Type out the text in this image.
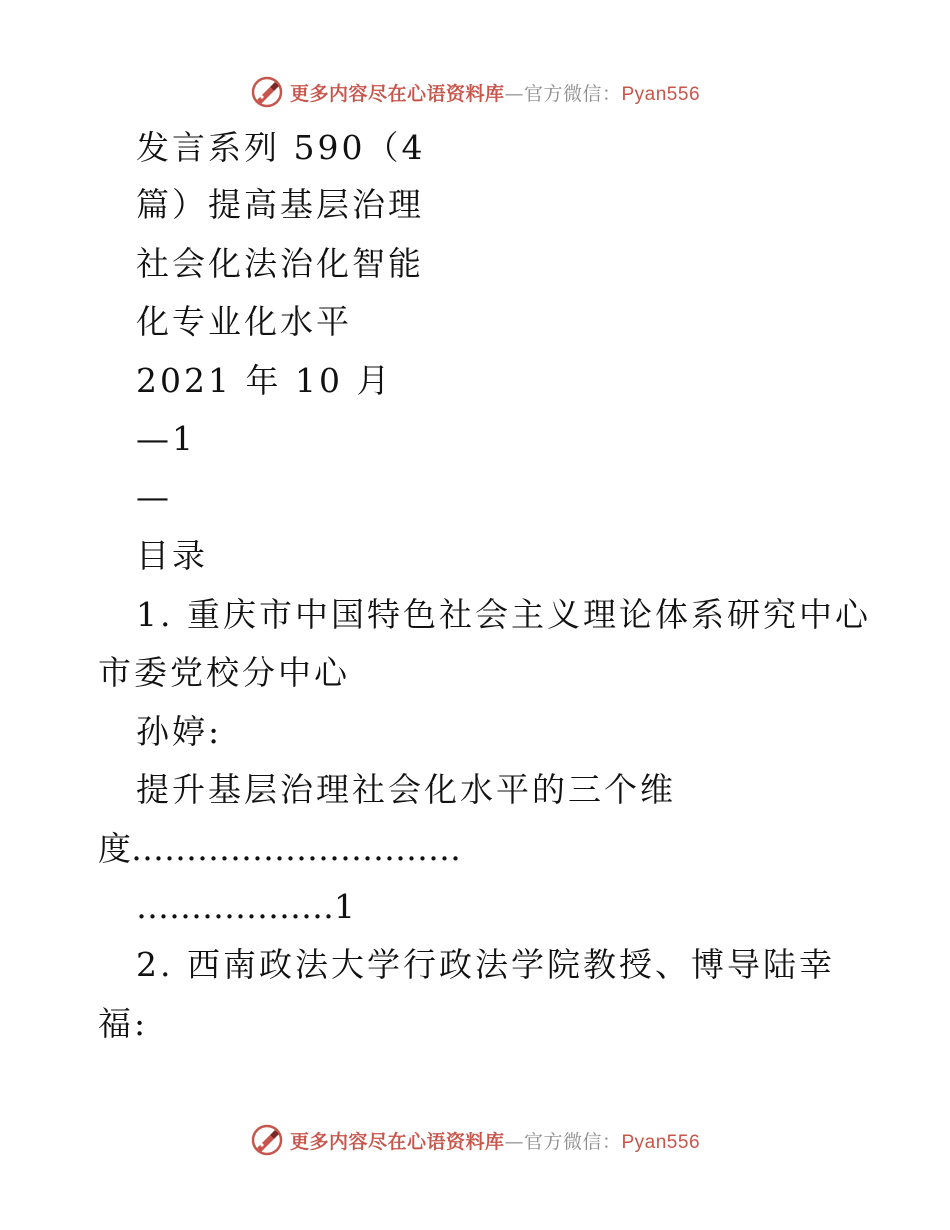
更多内容尽在心语资料库—官方微信：Pyan556
发言系列 590（4
篇）提高基层治理
社会化法治化智能
化专业化水平
2021 年 10 月
—1
—
目录
1. 重庆市中国特色社会主义理论体系研究中心
市委党校分中心
孙婷:
提升基层治理社会化水平的三个维
度…………………………
………………1
2. 西南政法大学行政法学院教授、博导陆幸
福:
更多内容尽在心语资料库—官方微信：Pyan556
